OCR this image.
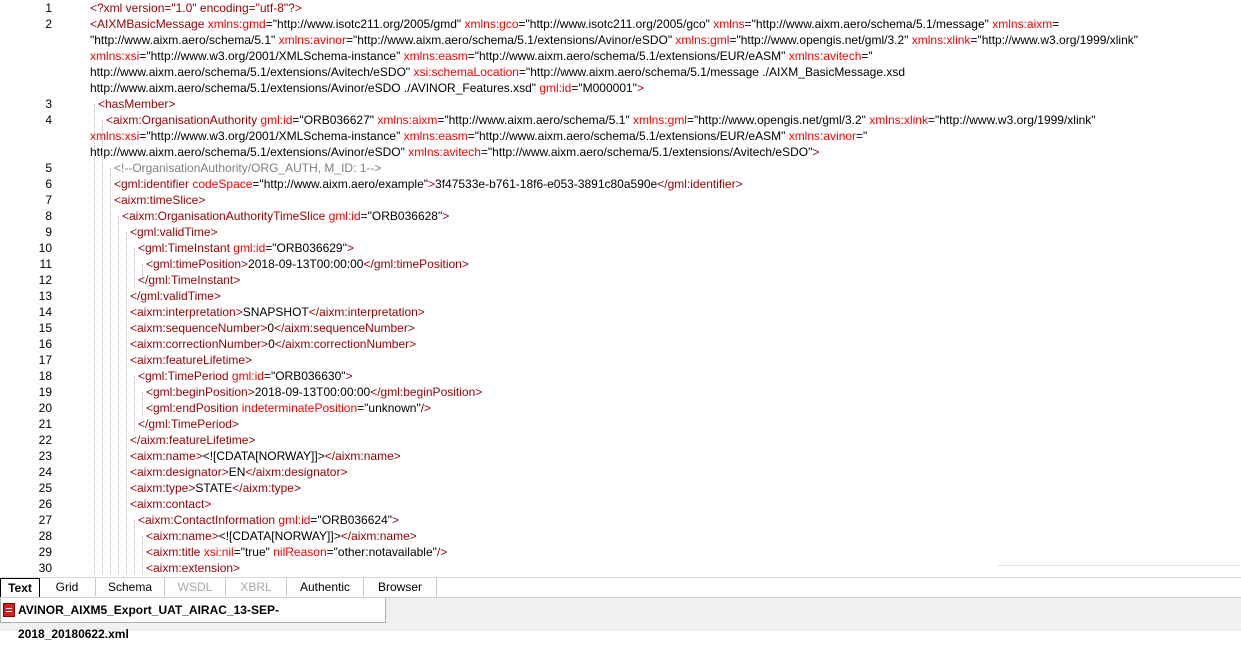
1	<?xml version="1.0" encoding="utf-8"?>
2	<AIXMBasicMessage xmlns:gmd="http://www.isotc211.org/2005/gmd" xmlns:gco="http://www.isotc211.org/2005/gco" xmlns="http://www.aixm.aero/schema/5.1/message" xmlns:aixm=
"http://www.aixm.aero/schema/5.1" xmlns:avinor="http://www.aixm.aero/schema/5.1/extensions/Avinor/eSDO" xmlns:gml="http://www.opengis.net/gml/3.2" xmlns:xlink="http://www.w3.org/1999/xlink"
xmlns:xsi="http://www.w3.org/2001/XMLSchema-instance" xmlns:easm="http://www.aixm.aero/schema/5.1/extensions/EUR/eASM" xmlns:avitech="
http://www.aixm.aero/schema/5.1/extensions/Avitech/eSDO" xsi:schemaLocation="http://www.aixm.aero/schema/5.1/message ./AIXM_BasicMessage.xsd
http://www.aixm.aero/schema/5.1/extensions/Avinor/eSDO ./AVINOR_Features.xsd" gml:id="M000001">
3	<hasMember>
4	<aixm:OrganisationAuthority gml:id="ORB036627" xmlns:aixm="http://www.aixm.aero/schema/5.1" xmlns:gml="http://www.opengis.net/gml/3.2" xmlns:xlink="http://www.w3.org/1999/xlink"
xmlns:xsi="http://www.w3.org/2001/XMLSchema-instance" xmlns:easm="http://www.aixm.aero/schema/5.1/extensions/EUR/eASM" xmlns:avinor="
http://www.aixm.aero/schema/5.1/extensions/Avinor/eSDO" xmlns:avitech="http://www.aixm.aero/schema/5.1/extensions/Avitech/eSDO">
5	<!--OrganisationAuthority/ORG_AUTH, M_ID: 1-->
6	<gml:identifier codeSpace="http://www.aixm.aero/example">3f47533e-b761-18f6-e053-3891c80a590e</gml:identifier>
7	<aixm:timeSlice>
8	<aixm:OrganisationAuthorityTimeSlice gml:id="ORB036628">
9	<gml:validTime>
10	<gml:TimeInstant gml:id="ORB036629">
11	<gml:timePosition>2018-09-13T00:00:00</gml:timePosition>
12	</gml:TimeInstant>
13	</gml:validTime>
14	<aixm:interpretation>SNAPSHOT</aixm:interpretation>
15	<aixm:sequenceNumber>0</aixm:sequenceNumber>
16	<aixm:correctionNumber>0</aixm:correctionNumber>
17	<aixm:featureLifetime>
18	<gml:TimePeriod gml:id="ORB036630">
19	<gml:beginPosition>2018-09-13T00:00:00</gml:beginPosition>
20	<gml:endPosition indeterminatePosition="unknown"/>
21	</gml:TimePeriod>
22	</aixm:featureLifetime>
23	<aixm:name><![CDATA[NORWAY]]></aixm:name>
24	<aixm:designator>EN</aixm:designator>
25	<aixm:type>STATE</aixm:type>
26	<aixm:contact>
27	<aixm:ContactInformation gml:id="ORB036624">
28	<aixm:name><![CDATA[NORWAY]]></aixm:name>
29	<aixm:title xsi:nil="true" nilReason="other:notavailable"/>
30	<aixm:extension>
Text	Grid	Schema	WSDL	XBRL	Authentic	Browser
AVINOR_AIXM5_Export_UAT_AIRAC_13-SEP-2018_20180622.xml
